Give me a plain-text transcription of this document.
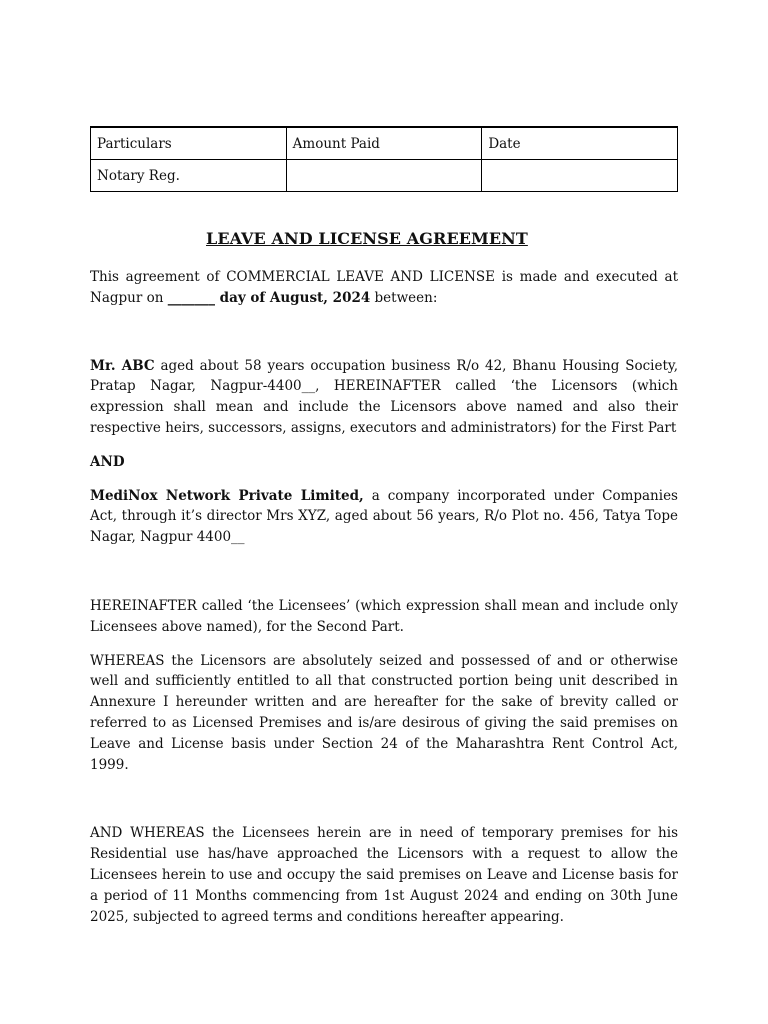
Particulars	Amount Paid	Date
Notary Reg.		
LEAVE AND LICENSE AGREEMENT

This agreement of COMMERCIAL LEAVE AND LICENSE is made and executed at Nagpur on _______ day of August, 2024 between:

Mr. ABC aged about 58 years occupation business R/o 42, Bhanu Housing Society, Pratap Nagar, Nagpur-4400__, HEREINAFTER called ‘the Licensors (which expression shall mean and include the Licensors above named and also their respective heirs, successors, assigns, executors and administrators) for the First Part

AND

MediNox Network Private Limited, a company incorporated under Companies Act, through it’s director Mrs XYZ, aged about 56 years, R/o Plot no. 456, Tatya Tope Nagar, Nagpur 4400__

HEREINAFTER called ‘the Licensees’ (which expression shall mean and include only Licensees above named), for the Second Part.

WHEREAS the Licensors are absolutely seized and possessed of and or otherwise well and sufficiently entitled to all that constructed portion being unit described in Annexure I hereunder written and are hereafter for the sake of brevity called or referred to as Licensed Premises and is/are desirous of giving the said premises on Leave and License basis under Section 24 of the Maharashtra Rent Control Act, 1999.

AND WHEREAS the Licensees herein are in need of temporary premises for his Residential use has/have approached the Licensors with a request to allow the Licensees herein to use and occupy the said premises on Leave and License basis for a period of 11 Months commencing from 1st August 2024 and ending on 30th June 2025, subjected to agreed terms and conditions hereafter appearing.
